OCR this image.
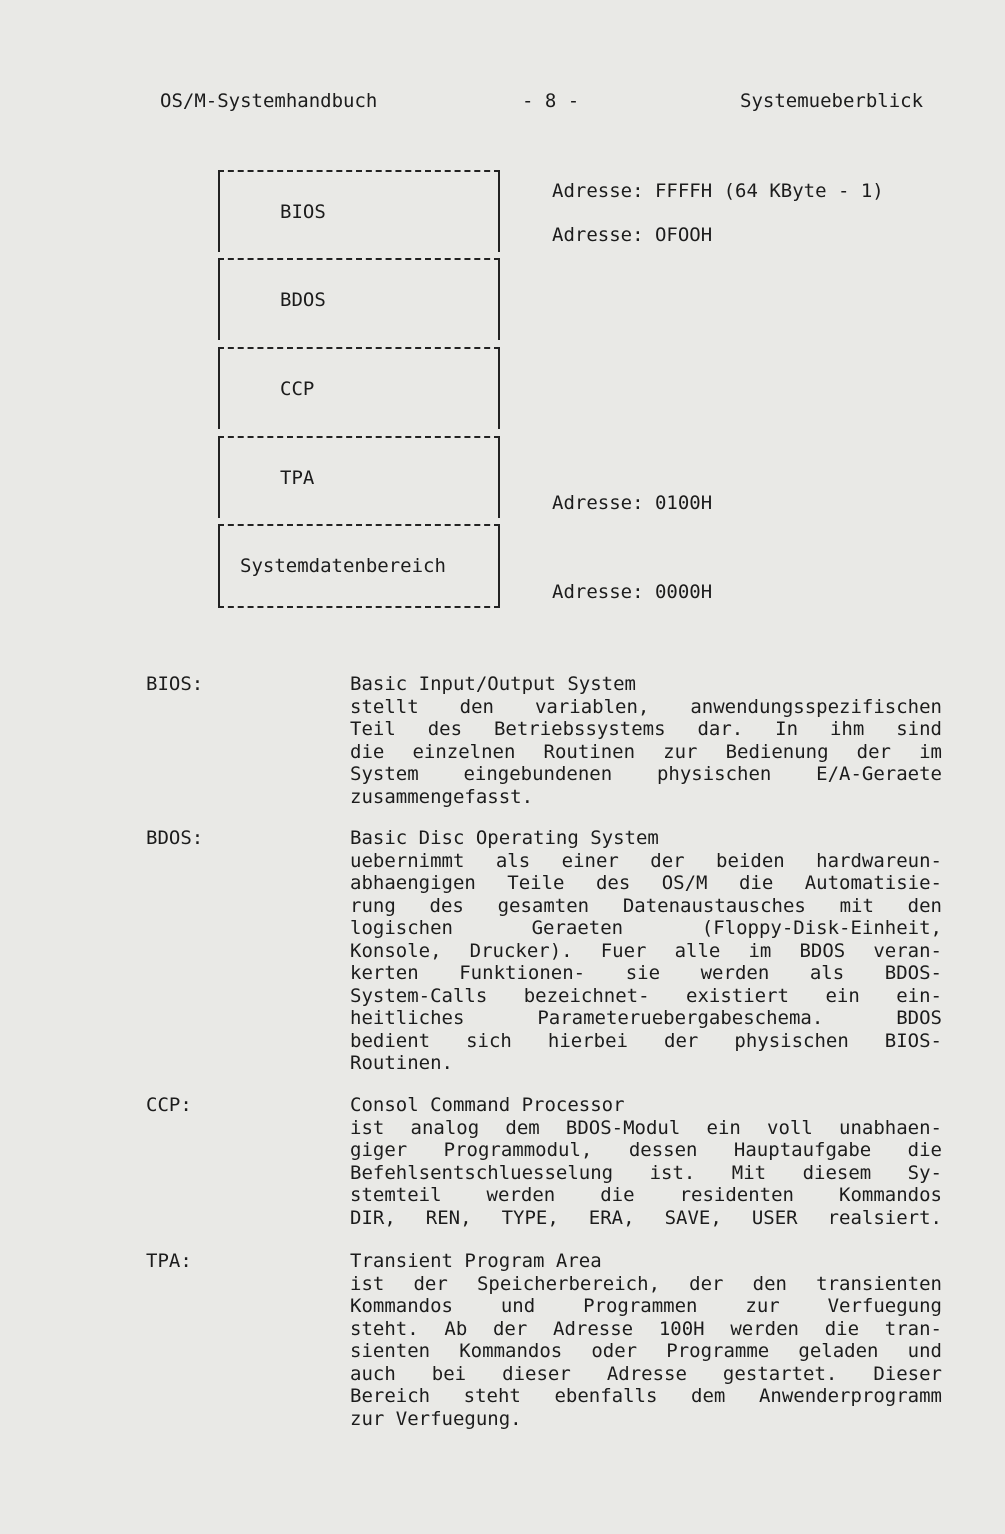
OS/M-Systemhandbuch	- 8 -	Systemueberblick
BIOS
BDOS
CCP
TPA
Systemdatenbereich
Adresse: FFFFH (64 KByte - 1)
Adresse: OFOOH
Adresse: 0100H
Adresse: 0000H
BIOS:	Basic Input/Output System
stellt den variablen, anwendungsspezifischen
Teil des Betriebssystems dar. In ihm sind
die einzelnen Routinen zur Bedienung der im
System eingebundenen physischen E/A-Geraete
zusammengefasst.
BDOS:	Basic Disc Operating System
uebernimmt als einer der beiden hardwareun-
abhaengigen Teile des OS/M die Automatisie-
rung des gesamten Datenaustausches mit den
logischen Geraeten (Floppy-Disk-Einheit,
Konsole, Drucker). Fuer alle im BDOS veran-
kerten Funktionen- sie werden als BDOS-
System-Calls bezeichnet- existiert ein ein-
heitliches Parameteruebergabeschema. BDOS
bedient sich hierbei der physischen BIOS-
Routinen.
CCP:	Consol Command Processor
ist analog dem BDOS-Modul ein voll unabhaen-
giger Programmodul, dessen Hauptaufgabe die
Befehlsentschluesselung ist. Mit diesem Sy-
stemteil werden die residenten Kommandos
DIR, REN, TYPE, ERA, SAVE, USER realsiert.
TPA:	Transient Program Area
ist der Speicherbereich, der den transienten
Kommandos und Programmen zur Verfuegung
steht. Ab der Adresse 100H werden die tran-
sienten Kommandos oder Programme geladen und
auch bei dieser Adresse gestartet. Dieser
Bereich steht ebenfalls dem Anwenderprogramm
zur Verfuegung.
